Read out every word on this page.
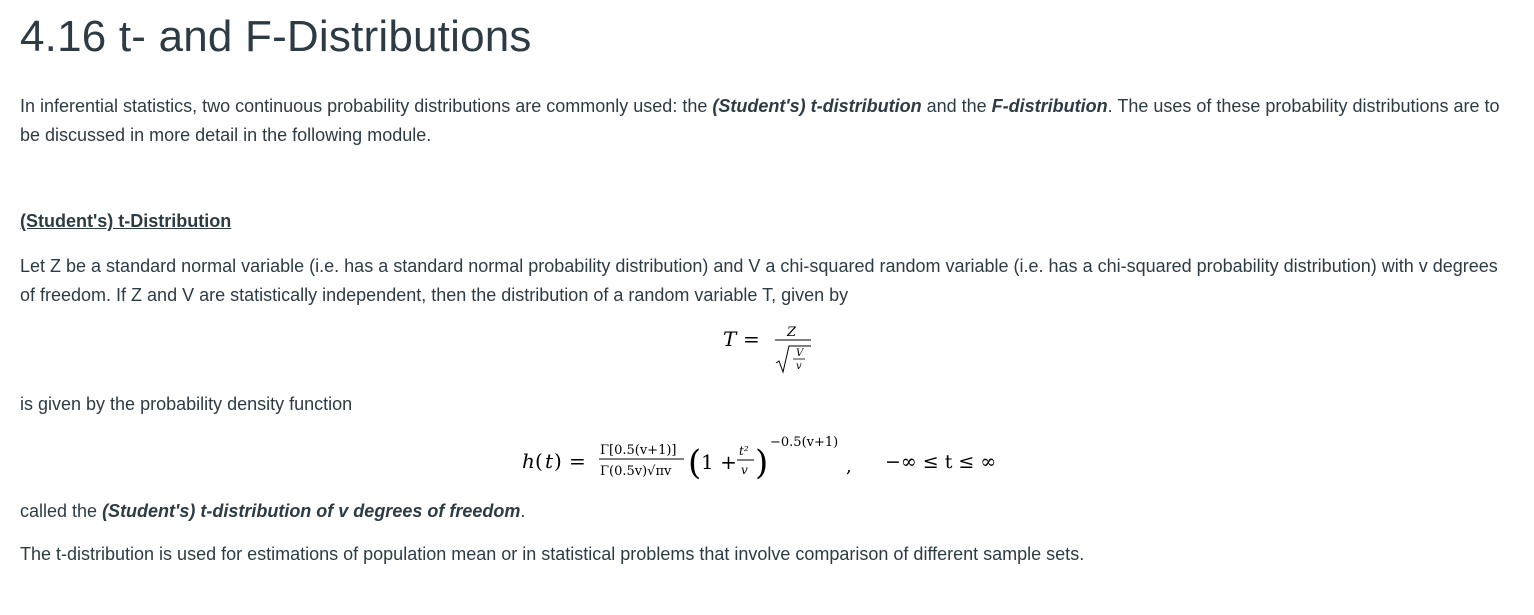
4.16 t- and F-Distributions

In inferential statistics, two continuous probability distributions are commonly used: the (Student's) t-distribution and the F-distribution. The uses of these probability distributions are to be discussed in more detail in the following module.

(Student's) t-Distribution

Let Z be a standard normal variable (i.e. has a standard normal probability distribution) and V a chi-squared random variable (i.e. has a chi-squared probability distribution) with v degrees of freedom. If Z and V are statistically independent, then the distribution of a random variable T, given by

is given by the probability density function

called the (Student's) t-distribution of v degrees of freedom.

The t-distribution is used for estimations of population mean or in statistical problems that involve comparison of different sample sets.

T = Z
V
v
h ( t ) = Γ[0.5(v+1)]
Γ(0.5v)√πv ( 1 + t²
v )
−0.5(v+1)
, −∞ ≤ t ≤ ∞
